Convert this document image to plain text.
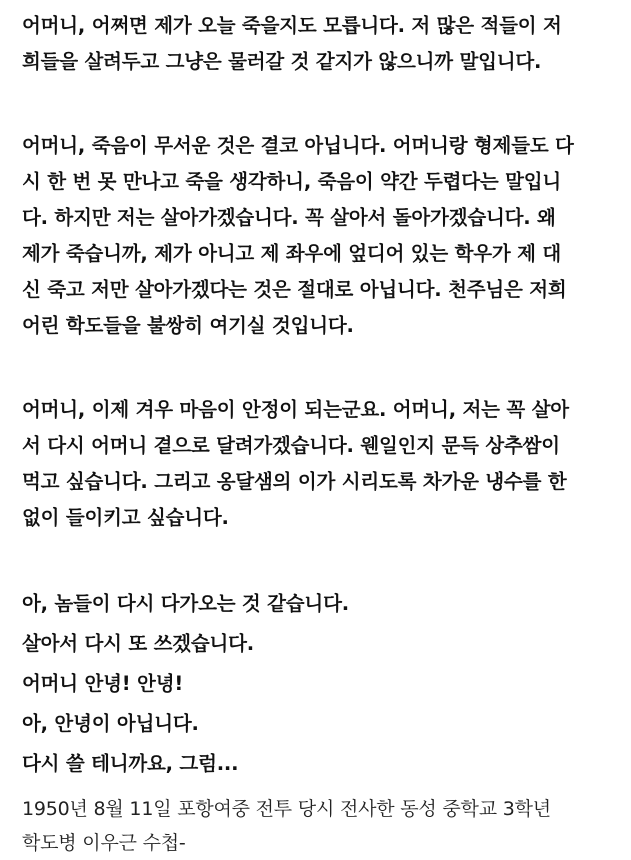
어머니, 어쩌면 제가 오늘 죽을지도 모릅니다. 저 많은 적들이 저
희들을 살려두고 그냥은 물러갈 것 같지가 않으니까 말입니다.
어머니, 죽음이 무서운 것은 결코 아닙니다. 어머니랑 형제들도 다
시 한 번 못 만나고 죽을 생각하니, 죽음이 약간 두렵다는 말입니
다. 하지만 저는 살아가겠습니다. 꼭 살아서 돌아가겠습니다. 왜
제가 죽습니까, 제가 아니고 제 좌우에 엎디어 있는 학우가 제 대
신 죽고 저만 살아가겠다는 것은 절대로 아닙니다. 천주님은 저희
어린 학도들을 불쌍히 여기실 것입니다.
어머니, 이제 겨우 마음이 안정이 되는군요. 어머니, 저는 꼭 살아
서 다시 어머니 곁으로 달려가겠습니다. 웬일인지 문득 상추쌈이
먹고 싶습니다. 그리고 옹달샘의 이가 시리도록 차가운 냉수를 한
없이 들이키고 싶습니다.
아, 놈들이 다시 다가오는 것 같습니다.
살아서 다시 또 쓰겠습니다.
어머니 안녕! 안녕!
아, 안녕이 아닙니다.
다시 쓸 테니까요, 그럼...
1950년 8월 11일 포항여중 전투 당시 전사한 동성 중학교 3학년
학도병 이우근 수첩-
